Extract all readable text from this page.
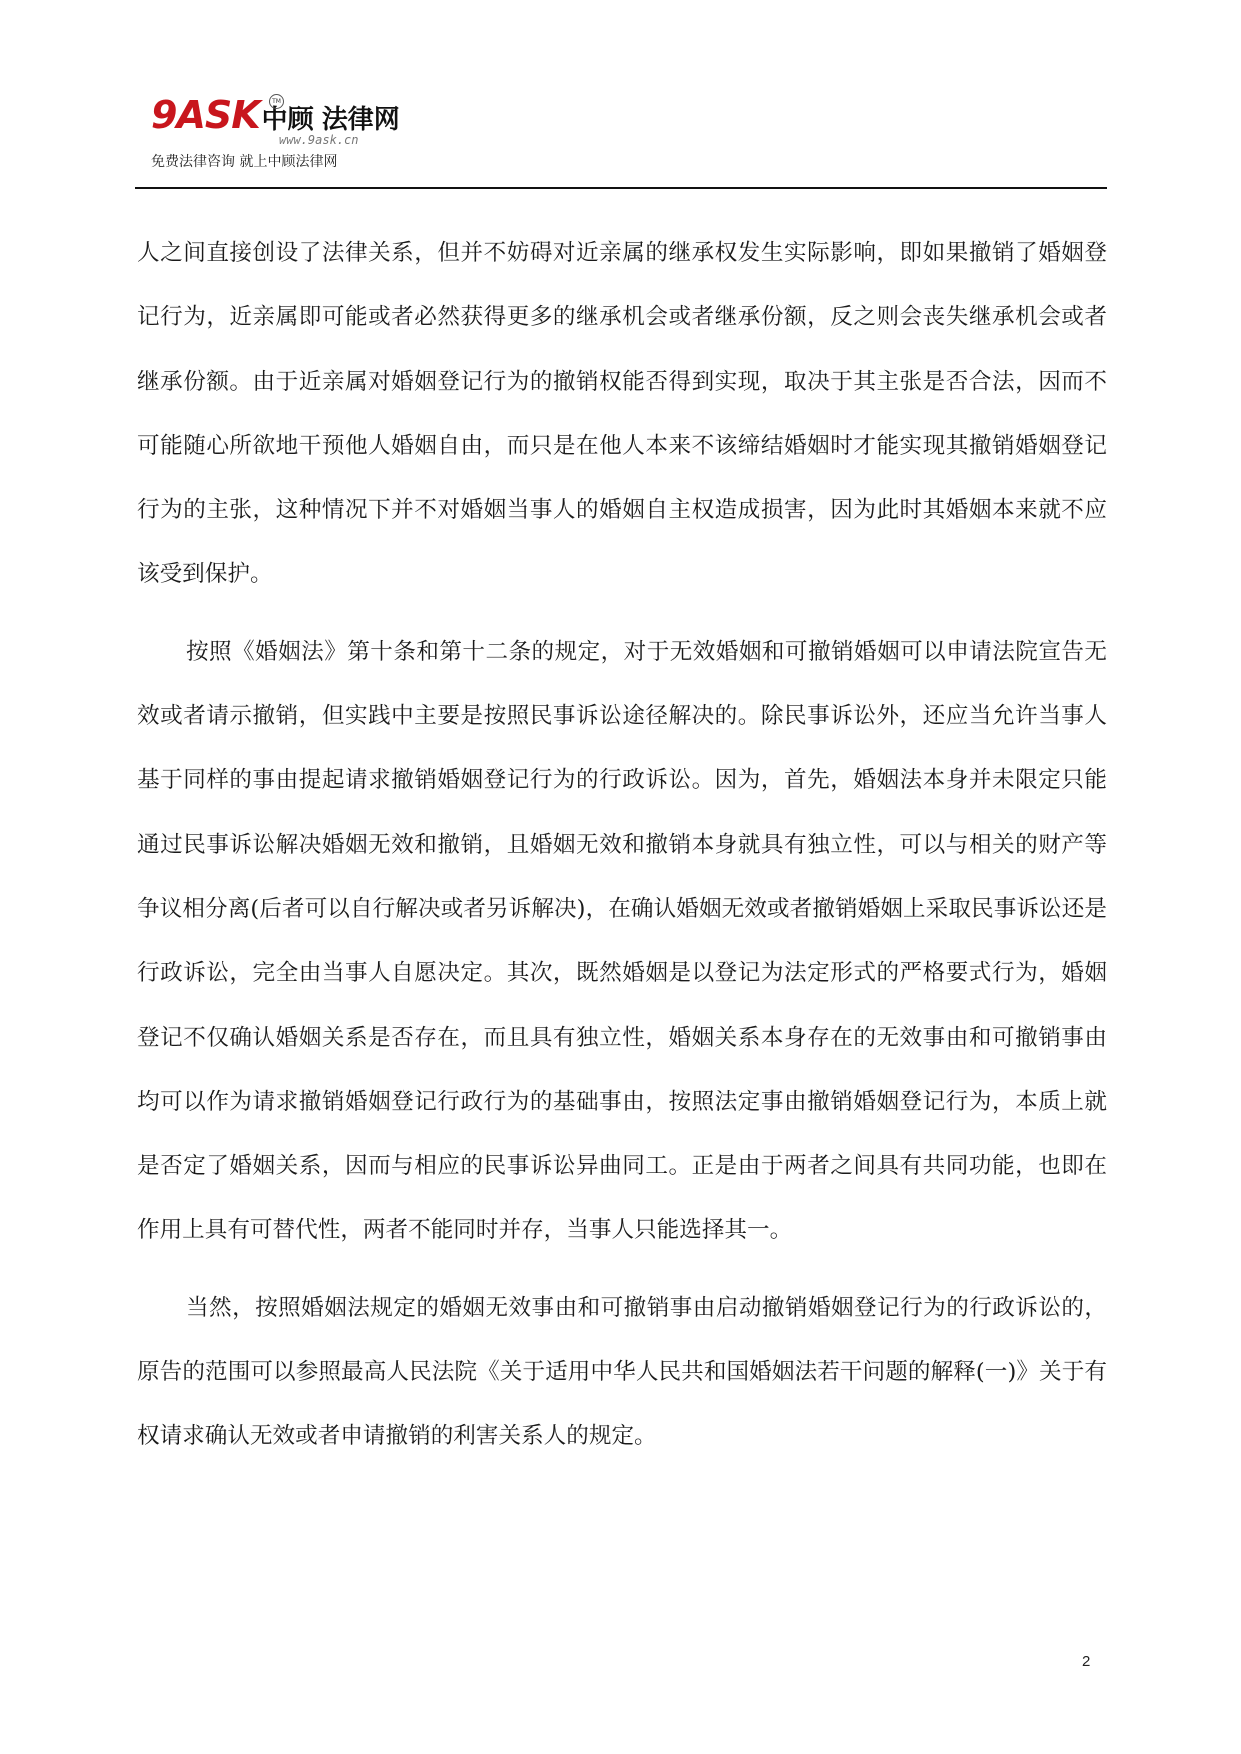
9ASK中顾 法律网
TM
www.9ask.cn
免费法律咨询 就上中顾法律网

人之间直接创设了法律关系，但并不妨碍对近亲属的继承权发生实际影响，即如果撤销了婚姻登记行为，近亲属即可能或者必然获得更多的继承机会或者继承份额，反之则会丧失继承机会或者继承份额。由于近亲属对婚姻登记行为的撤销权能否得到实现，取决于其主张是否合法，因而不可能随心所欲地干预他人婚姻自由，而只是在他人本来不该缔结婚姻时才能实现其撤销婚姻登记行为的主张，这种情况下并不对婚姻当事人的婚姻自主权造成损害，因为此时其婚姻本来就不应该受到保护。

按照《婚姻法》第十条和第十二条的规定，对于无效婚姻和可撤销婚姻可以申请法院宣告无效或者请示撤销，但实践中主要是按照民事诉讼途径解决的。除民事诉讼外，还应当允许当事人基于同样的事由提起请求撤销婚姻登记行为的行政诉讼。因为，首先，婚姻法本身并未限定只能通过民事诉讼解决婚姻无效和撤销，且婚姻无效和撤销本身就具有独立性，可以与相关的财产等争议相分离(后者可以自行解决或者另诉解决)，在确认婚姻无效或者撤销婚姻上采取民事诉讼还是行政诉讼，完全由当事人自愿决定。其次，既然婚姻是以登记为法定形式的严格要式行为，婚姻登记不仅确认婚姻关系是否存在，而且具有独立性，婚姻关系本身存在的无效事由和可撤销事由均可以作为请求撤销婚姻登记行政行为的基础事由，按照法定事由撤销婚姻登记行为，本质上就是否定了婚姻关系，因而与相应的民事诉讼异曲同工。正是由于两者之间具有共同功能，也即在作用上具有可替代性，两者不能同时并存，当事人只能选择其一。

当然，按照婚姻法规定的婚姻无效事由和可撤销事由启动撤销婚姻登记行为的行政诉讼的，原告的范围可以参照最高人民法院《关于适用中华人民共和国婚姻法若干问题的解释(一)》关于有权请求确认无效或者申请撤销的利害关系人的规定。

2
